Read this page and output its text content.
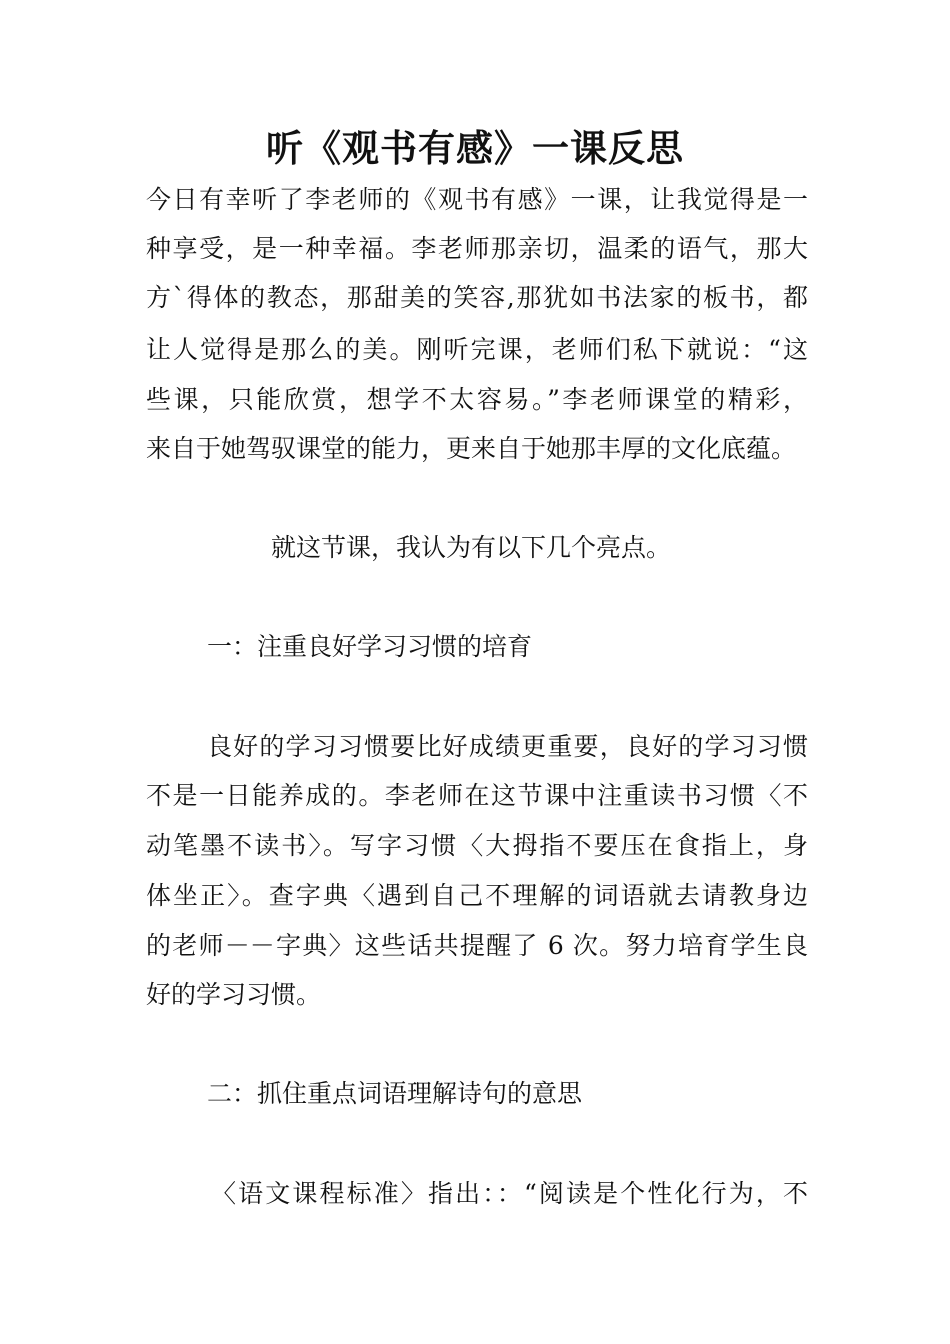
听《观书有感》一课反思
今日有幸听了李老师的《观书有感》一课，让我觉得是一
种享受，是一种幸福。李老师那亲切，温柔的语气，那大
方`得体的教态，那甜美的笑容,那犹如书法家的板书，都
让人觉得是那么的美。刚听完课，老师们私下就说：“这
些课，只能欣赏，想学不太容易。”李老师课堂的精彩，
来自于她驾驭课堂的能力，更来自于她那丰厚的文化底蕴。
就这节课，我认为有以下几个亮点。
一：注重良好学习习惯的培育
良好的学习习惯要比好成绩更重要，良好的学习习惯
不是一日能养成的。李老师在这节课中注重读书习惯〈不
动笔墨不读书〉。写字习惯〈大拇指不要压在食指上，身
体坐正〉。查字典〈遇到自己不理解的词语就去请教身边
的老师－－字典〉这些话共提醒了 6 次。努力培育学生良
好的学习习惯。
二：抓住重点词语理解诗句的意思
〈语文课程标准〉指出：：“阅读是个性化行为，不
